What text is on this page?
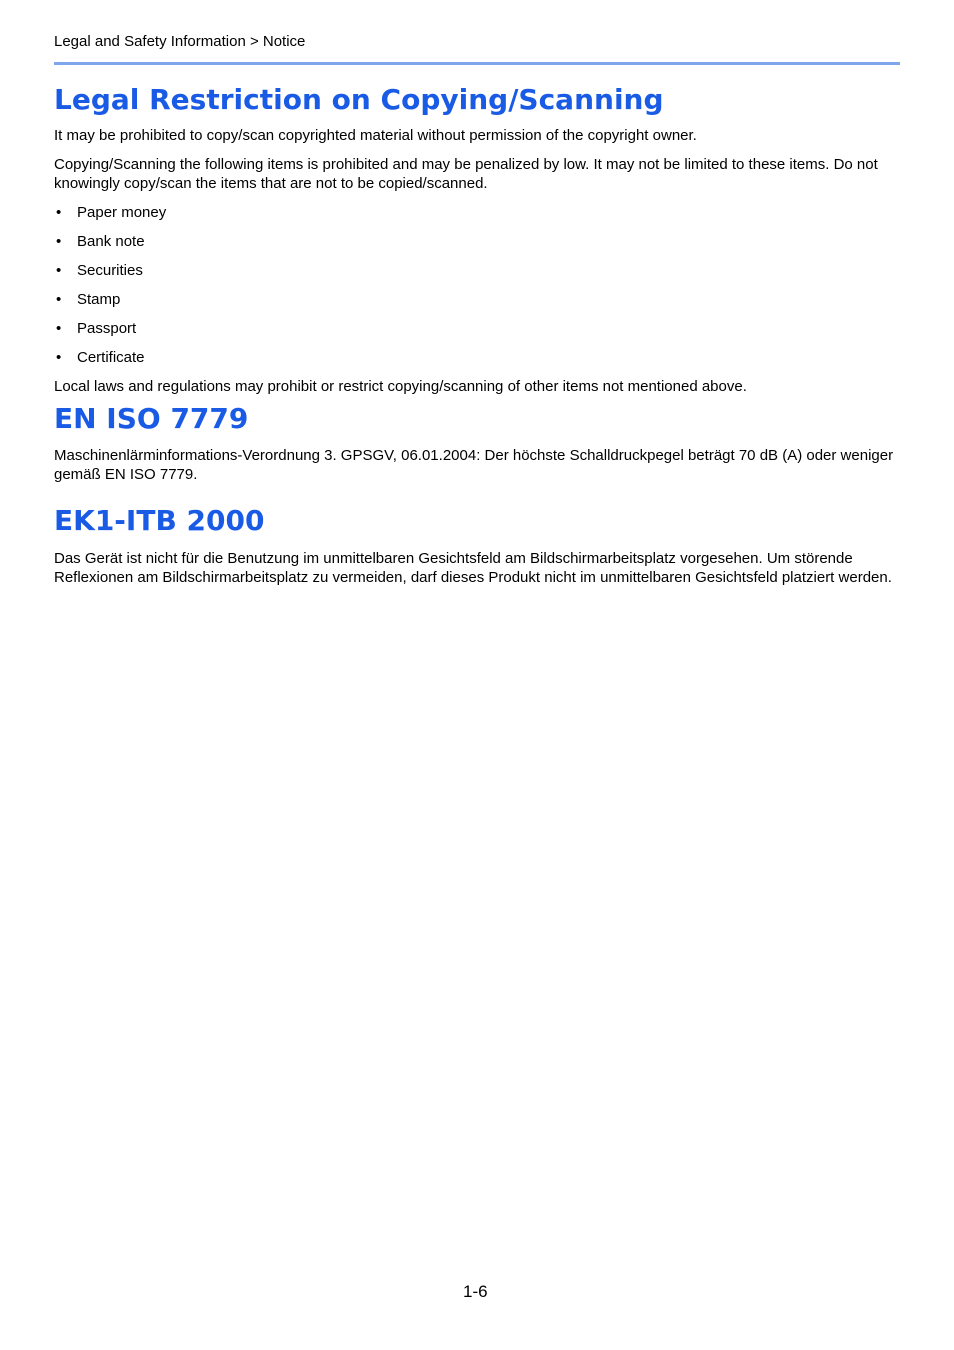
Legal and Safety Information > Notice
Legal Restriction on Copying/Scanning

It may be prohibited to copy/scan copyrighted material without permission of the copyright owner.

Copying/Scanning the following items is prohibited and may be penalized by low. It may not be limited to these items. Do not knowingly copy/scan the items that are not to be copied/scanned.

• Paper money
• Bank note
• Securities
• Stamp
• Passport
• Certificate

Local laws and regulations may prohibit or restrict copying/scanning of other items not mentioned above.

EN ISO 7779

Maschinenlärminformations-Verordnung 3. GPSGV, 06.01.2004: Der höchste Schalldruckpegel beträgt 70 dB (A) oder weniger gemäß EN ISO 7779.

EK1-ITB 2000

Das Gerät ist nicht für die Benutzung im unmittelbaren Gesichtsfeld am Bildschirmarbeitsplatz vorgesehen. Um störende Reflexionen am Bildschirmarbeitsplatz zu vermeiden, darf dieses Produkt nicht im unmittelbaren Gesichtsfeld platziert werden.

1-6
